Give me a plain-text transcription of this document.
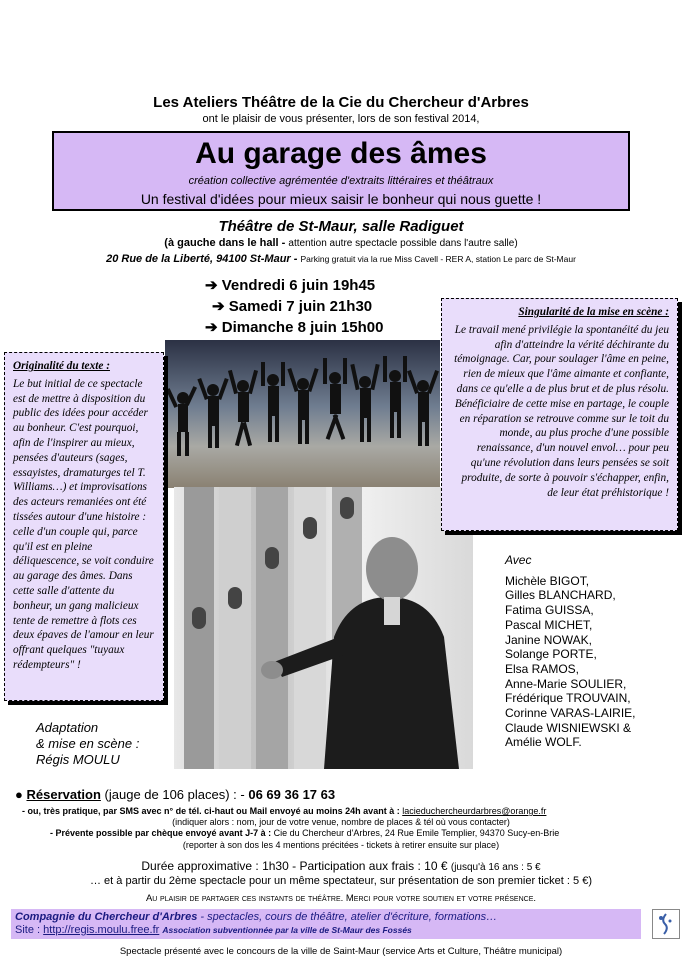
Les Ateliers Théâtre de la Cie du Chercheur d'Arbres
ont le plaisir de vous présenter, lors de son festival 2014,
Au garage des âmes
création collective agrémentée d'extraits littéraires et théâtraux
Un festival d'idées pour mieux saisir le bonheur qui nous guette !
Théâtre de St-Maur, salle Radiguet
(à gauche dans le hall - attention autre spectacle possible dans l'autre salle)
20 Rue de la Liberté, 94100 St-Maur - Parking gratuit via la rue Miss Cavell - RER A, station Le parc de St-Maur
➔ Vendredi 6 juin 19h45
➔ Samedi 7 juin 21h30
➔ Dimanche 8 juin 15h00
Originalité du texte :
Le but initial de ce spectacle est de mettre à disposition du public des idées pour accéder au bonheur. C'est pourquoi, afin de l'inspirer au mieux, pensées d'auteurs (sages, essayistes, dramaturges tel T. Williams…) et improvisations des acteurs remaniées ont été tissées autour d'une histoire : celle d'un couple qui, parce qu'il est en pleine déliquescence, se voit conduire au garage des âmes. Dans cette salle d'attente du bonheur, un gang malicieux tente de remettre à flots ces deux épaves de l'amour en leur offrant quelques "tuyaux rédempteurs" !
Singularité de la mise en scène :
Le travail mené privilégie la spontanéité du jeu afin d'atteindre la vérité déchirante du témoignage. Car, pour soulager l'âme en peine, rien de mieux que l'âme aimante et confiante, dans ce qu'elle a de plus brut et de plus résolu. Bénéficiaire de cette mise en partage, le couple en réparation se retrouve comme sur le toit du monde, au plus proche d'une possible renaissance, d'un nouvel envol… pour peu qu'une révolution dans leurs pensées se soit produite, de sorte à pouvoir s'échapper, enfin, de leur état préhistorique !
Avec
Michèle BIGOT,
Gilles BLANCHARD,
Fatima GUISSA,
Pascal MICHET,
Janine NOWAK,
Solange PORTE,
Elsa RAMOS,
Anne-Marie SOULIER,
Frédérique TROUVAIN,
Corinne VARAS-LAIRIE,
Claude WISNIEWSKI &
Amélie WOLF.
Adaptation
& mise en scène :
Régis MOULU
● Réservation (jauge de 106 places) : - 06 69 36 17 63
- ou, très pratique, par SMS avec n° de tél. ci-haut ou Mail envoyé au moins 24h avant à : lacieduchercheurdarbres@orange.fr
(indiquer alors : nom, jour de votre venue, nombre de places & tél où vous contacter)
- Prévente possible par chèque envoyé avant J-7 à : Cie du Chercheur d'Arbres, 24 Rue Emile Templier, 94370 Sucy-en-Brie
(reporter à son dos les 4 mentions précitées - tickets à retirer ensuite sur place)
Durée approximative : 1h30 - Participation aux frais : 10 € (jusqu'à 16 ans : 5 €
… et à partir du 2ème spectacle pour un même spectateur, sur présentation de son premier ticket : 5 €)
Au plaisir de partager ces instants de théâtre. Merci pour votre soutien et votre présence.
Compagnie du Chercheur d'Arbres - spectacles, cours de théâtre, atelier d'écriture, formations…
Site : http://regis.moulu.free.fr Association subventionnée par la ville de St-Maur des Fossés
Spectacle présenté avec le concours de la ville de Saint-Maur (service Arts et Culture, Théâtre municipal)
